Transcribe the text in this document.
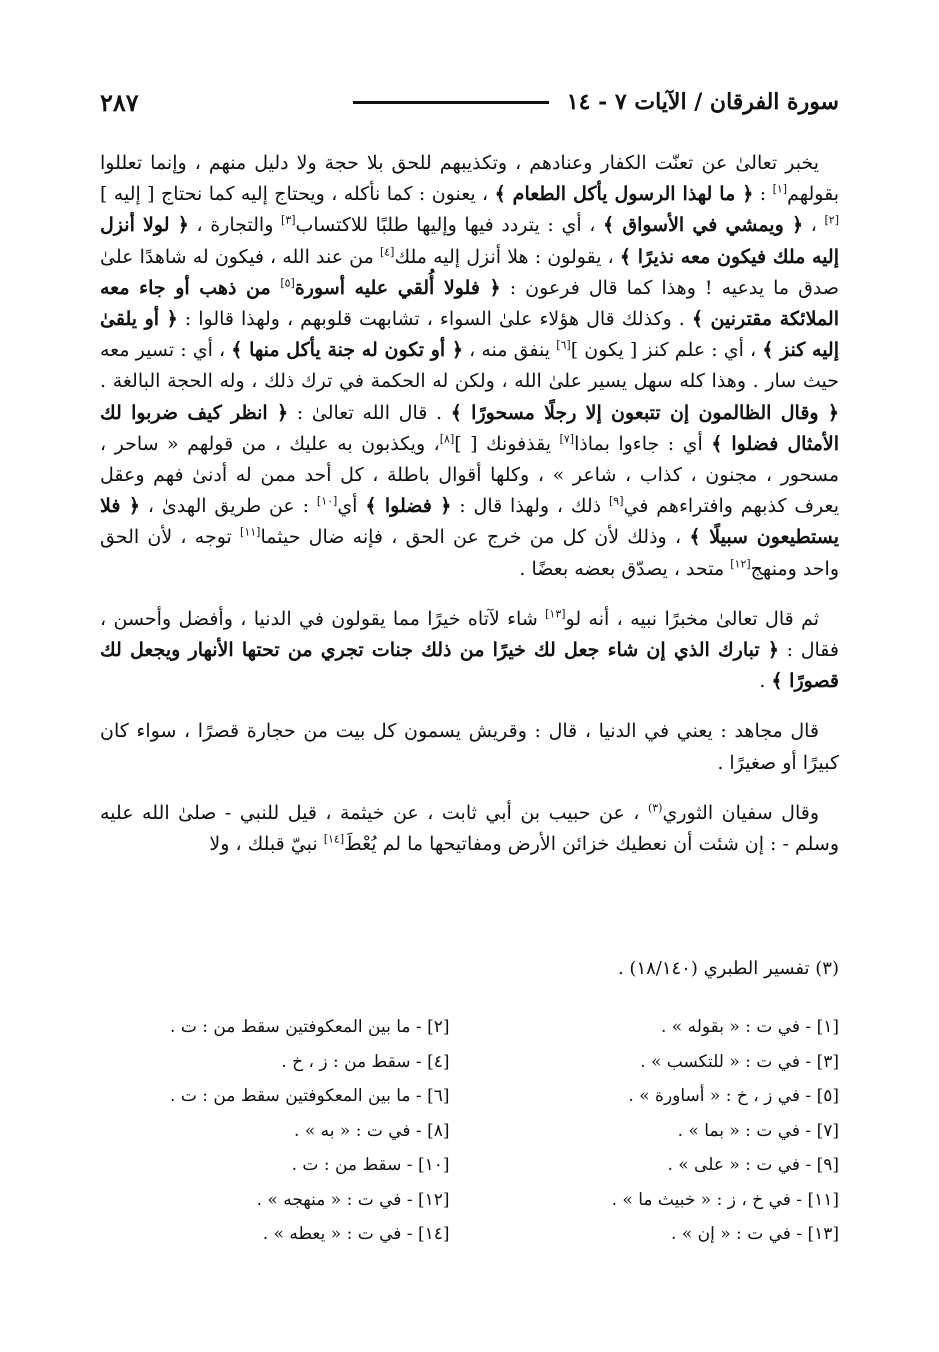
سورة الفرقان / الآيات ٧ - ١٤
٢٨٧

يخبر تعالىٰ عن تعنّت الكفار وعنادهم ، وتكذيبهم للحق بلا حجة ولا دليل منهم ، وإنما تعللوا بقولهم[١] : ﴿ ما لهذا الرسول يأكل الطعام ﴾ ، يعنون : كما نأكله ، ويحتاج إليه كما نحتاج [ إليه ][٢] ، ﴿ ويمشي في الأسواق ﴾ ، أي : يتردد فيها وإليها طلبًا للاكتساب[٣] والتجارة ، ﴿ لولا أنزل إليه ملك فيكون معه نذيرًا ﴾ ، يقولون : هلا أنزل إليه ملك[٤] من عند الله ، فيكون له شاهدًا علىٰ صدق ما يدعيه ! وهذا كما قال فرعون : ﴿ فلولا أُلقي عليه أسورة[٥] من ذهب أو جاء معه الملائكة مقترنين ﴾ . وكذلك قال هؤلاء علىٰ السواء ، تشابهت قلوبهم ، ولهذا قالوا : ﴿ أو يلقىٰ إليه كنز ﴾ ، أي : علم كنز [ يكون ][٦] ينفق منه ، ﴿ أو تكون له جنة يأكل منها ﴾ ، أي : تسير معه حيث سار . وهذا كله سهل يسير علىٰ الله ، ولكن له الحكمة في ترك ذلك ، وله الحجة البالغة . ﴿ وقال الظالمون إن تتبعون إلا رجلًا مسحورًا ﴾ . قال الله تعالىٰ : ﴿ انظر كيف ضربوا لك الأمثال فضلوا ﴾ أي : جاءوا بماذا[٧] يقذفونك [ ][٨]، ويكذبون به عليك ، من قولهم « ساحر ، مسحور ، مجنون ، كذاب ، شاعر » ، وكلها أقوال باطلة ، كل أحد ممن له أدنىٰ فهم وعقل يعرف كذبهم وافتراءهم في[٩] ذلك ، ولهذا قال : ﴿ فضلوا ﴾ أي[١٠] : عن طريق الهدىٰ ، ﴿ فلا يستطيعون سبيلًا ﴾ ، وذلك لأن كل من خرج عن الحق ، فإنه ضال حيثما[١١] توجه ، لأن الحق واحد ومنهج[١٢] متحد ، يصدّق بعضه بعضًا .

ثم قال تعالىٰ مخبرًا نبيه ، أنه لو[١٣] شاء لآتاه خيرًا مما يقولون في الدنيا ، وأفضل وأحسن ، فقال : ﴿ تبارك الذي إن شاء جعل لك خيرًا من ذلك جنات تجري من تحتها الأنهار ويجعل لك قصورًا ﴾ .

قال مجاهد : يعني في الدنيا ، قال : وقريش يسمون كل بيت من حجارة قصرًا ، سواء كان كبيرًا أو صغيرًا .

وقال سفيان الثوري$^{(٣)}$ ، عن حبيب بن أبي ثابت ، عن خيثمة ، قيل للنبي - صلىٰ الله عليه وسلم - : إن شئت أن نعطيك خزائن الأرض ومفاتيحها ما لم يُعْطَ[١٤] نبيّ قبلك ، ولا

(٣) تفسير الطبري (١٨/١٤٠) .
[١] - في ت : « بقوله » .
[٢] - ما بين المعكوفتين سقط من : ت .
[٣] - في ت : « للتكسب » .
[٤] - سقط من : ز ، خ .
[٥] - في ز ، خ : « أساورة » .
[٦] - ما بين المعكوفتين سقط من : ت .
[٧] - في ت : « بما » .
[٨] - في ت : « به » .
[٩] - في ت : « على » .
[١٠] - سقط من : ت .
[١١] - في خ ، ز : « خبيث ما » .
[١٢] - في ت : « منهجه » .
[١٣] - في ت : « إن » .
[١٤] - في ت : « يعطه » .
